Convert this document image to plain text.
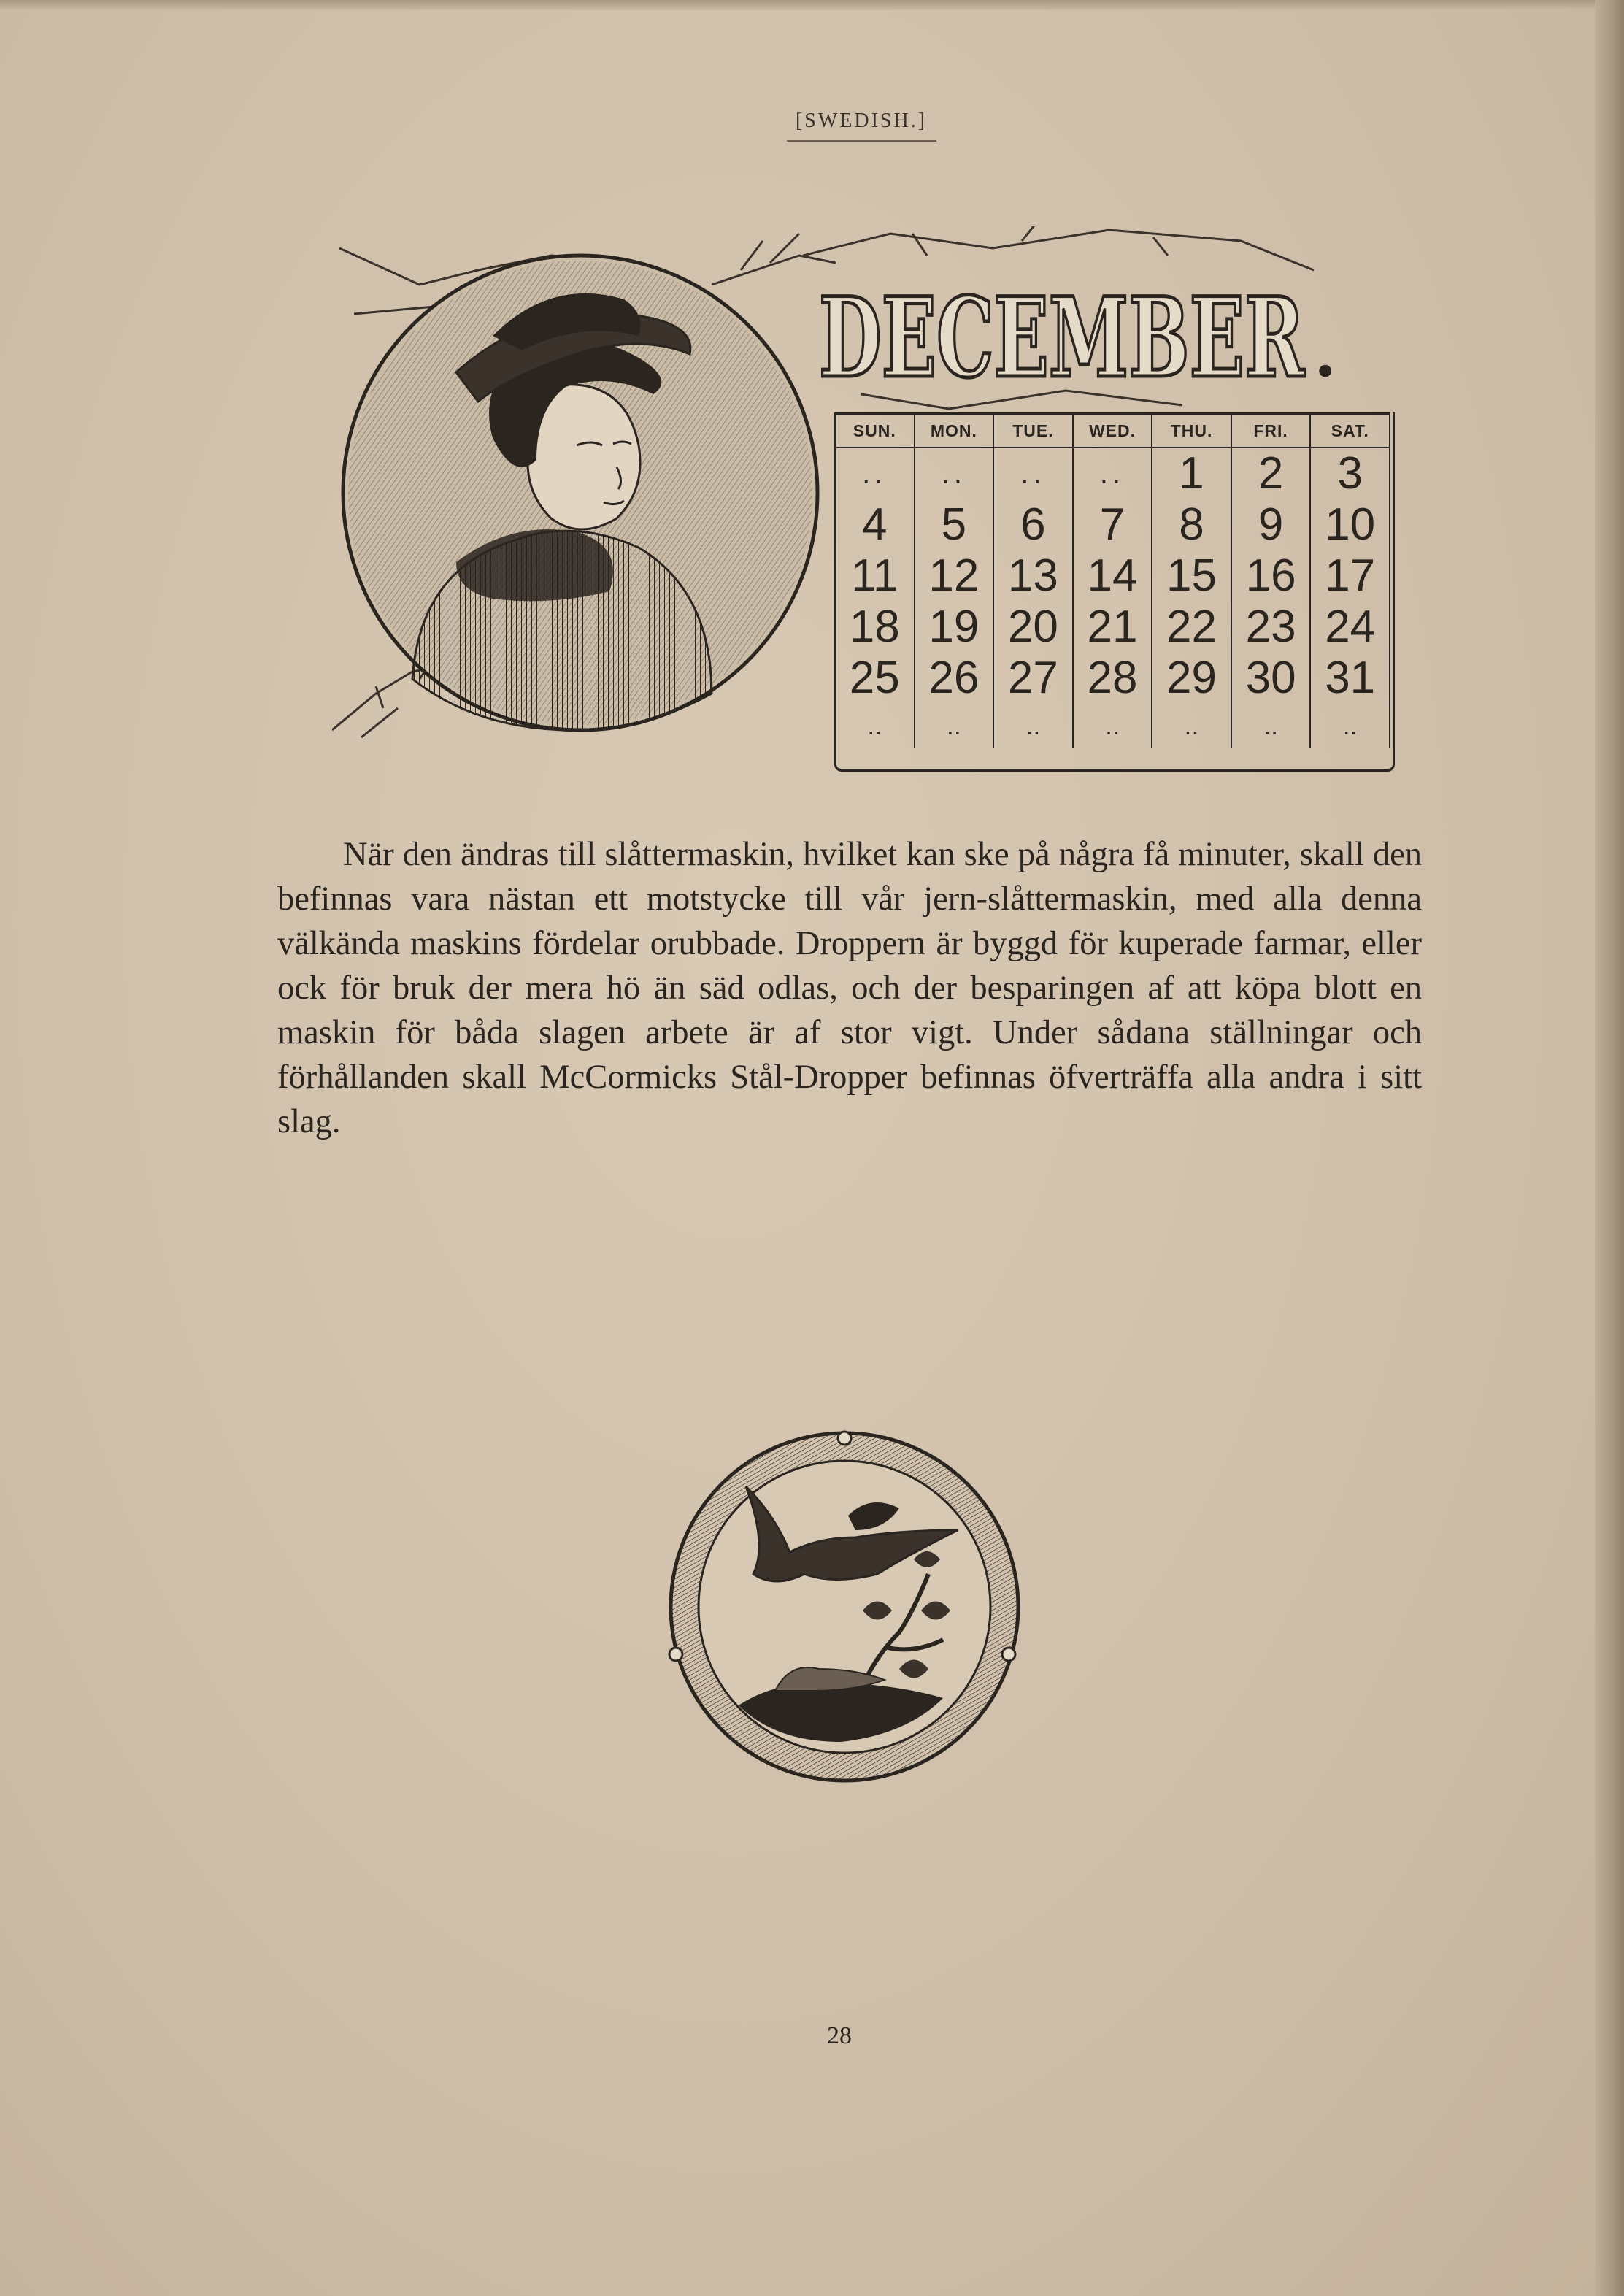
[SWEDISH.]
DECEMBER .
SUN.	MON.	TUE.	WED.	THU.	FRI.	SAT.
..	..	..	..	1	2	3
4	5	6	7	8	9	10
11	12	13	14	15	16	17
18	19	20	21	22	23	24
25	26	27	28	29	30	31
..	..	..	..	..	..	..

När den ändras till slåttermaskin, hvilket kan ske på några få minuter, skall den befinnas vara nästan ett motstycke till vår jern-slåttermaskin, med alla denna välkända maskins fördelar orubbade. Droppern är byggd för kuperade farmar, eller ock för bruk der mera hö än säd odlas, och der besparingen af att köpa blott en maskin för båda slagen arbete är af stor vigt. Under sådana ställningar och förhållanden skall McCormicks Stål-Dropper befinnas öfverträffa alla andra i sitt slag.

28
